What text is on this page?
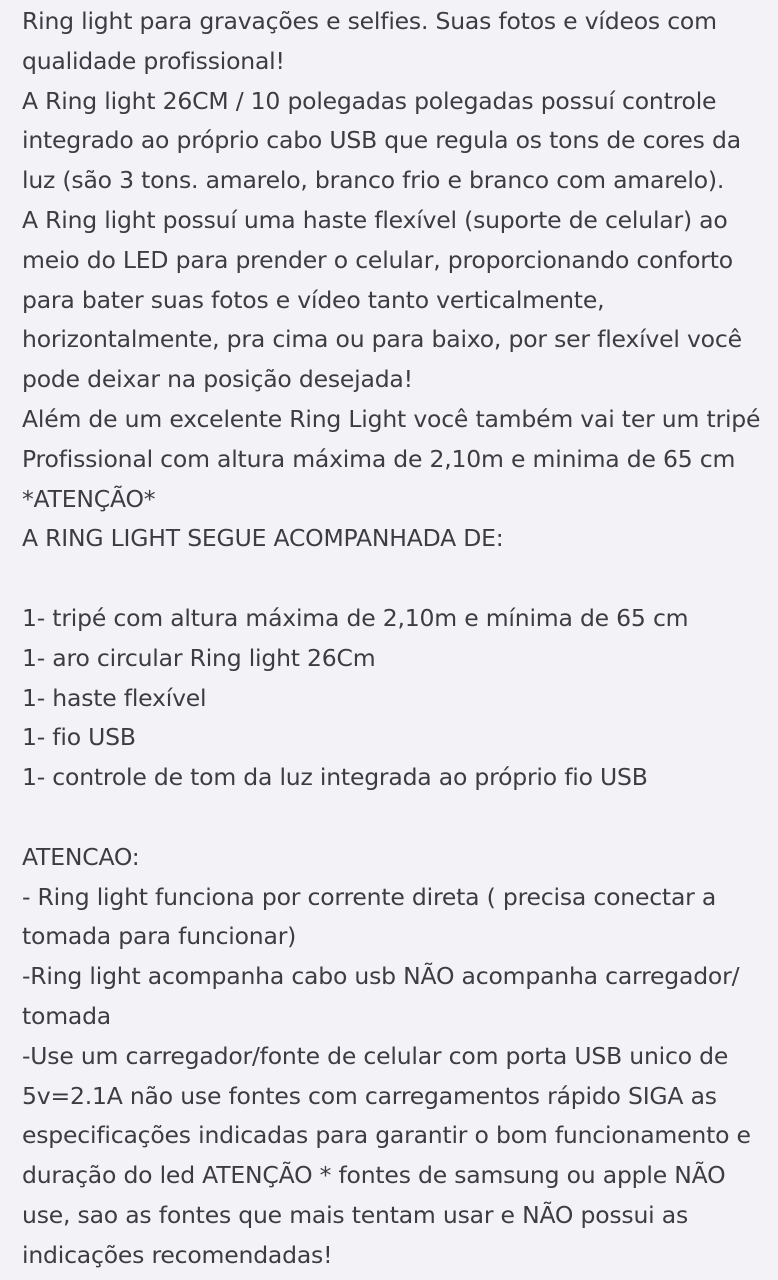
Ring light para gravações e selfies. Suas fotos e vídeos com
qualidade profissional!
A Ring light 26CM / 10 polegadas polegadas possuí controle
integrado ao próprio cabo USB que regula os tons de cores da
luz (são 3 tons. amarelo, branco frio e branco com amarelo).
A Ring light possuí uma haste flexível (suporte de celular) ao
meio do LED para prender o celular, proporcionando conforto
para bater suas fotos e vídeo tanto verticalmente,
horizontalmente, pra cima ou para baixo, por ser flexível você
pode deixar na posição desejada!
Além de um excelente Ring Light você também vai ter um tripé
Profissional com altura máxima de 2,10m e minima de 65 cm
*ATENÇÃO*
A RING LIGHT SEGUE ACOMPANHADA DE:
1- tripé com altura máxima de 2,10m e mínima de 65 cm
1- aro circular Ring light 26Cm
1- haste flexível
1- fio USB
1- controle de tom da luz integrada ao próprio fio USB
ATENCAO:
- Ring light funciona por corrente direta ( precisa conectar a
tomada para funcionar)
-Ring light acompanha cabo usb NÃO acompanha carregador/
tomada
-Use um carregador/fonte de celular com porta USB unico de
5v=2.1A não use fontes com carregamentos rápido SIGA as
especificações indicadas para garantir o bom funcionamento e
duração do led ATENÇÃO * fontes de samsung ou apple NÃO
use, sao as fontes que mais tentam usar e NÃO possui as
indicações recomendadas!
